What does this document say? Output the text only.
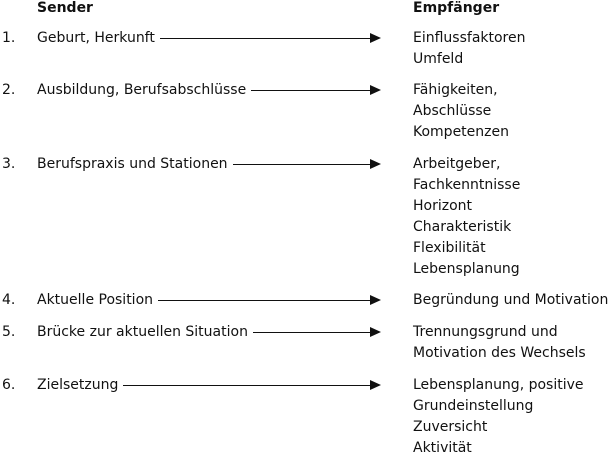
Sender	Empfänger
1. Geburt, Herkunft	Einflussfaktoren
Umfeld
2. Ausbildung, Berufsabschlüsse	Fähigkeiten,
Abschlüsse
Kompetenzen
3. Berufspraxis und Stationen	Arbeitgeber,
Fachkenntnisse
Horizont
Charakteristik
Flexibilität
Lebensplanung
4. Aktuelle Position	Begründung und Motivation
5. Brücke zur aktuellen Situation	Trennungsgrund und
Motivation des Wechsels
6. Zielsetzung	Lebensplanung, positive
Grundeinstellung
Zuversicht
Aktivität
